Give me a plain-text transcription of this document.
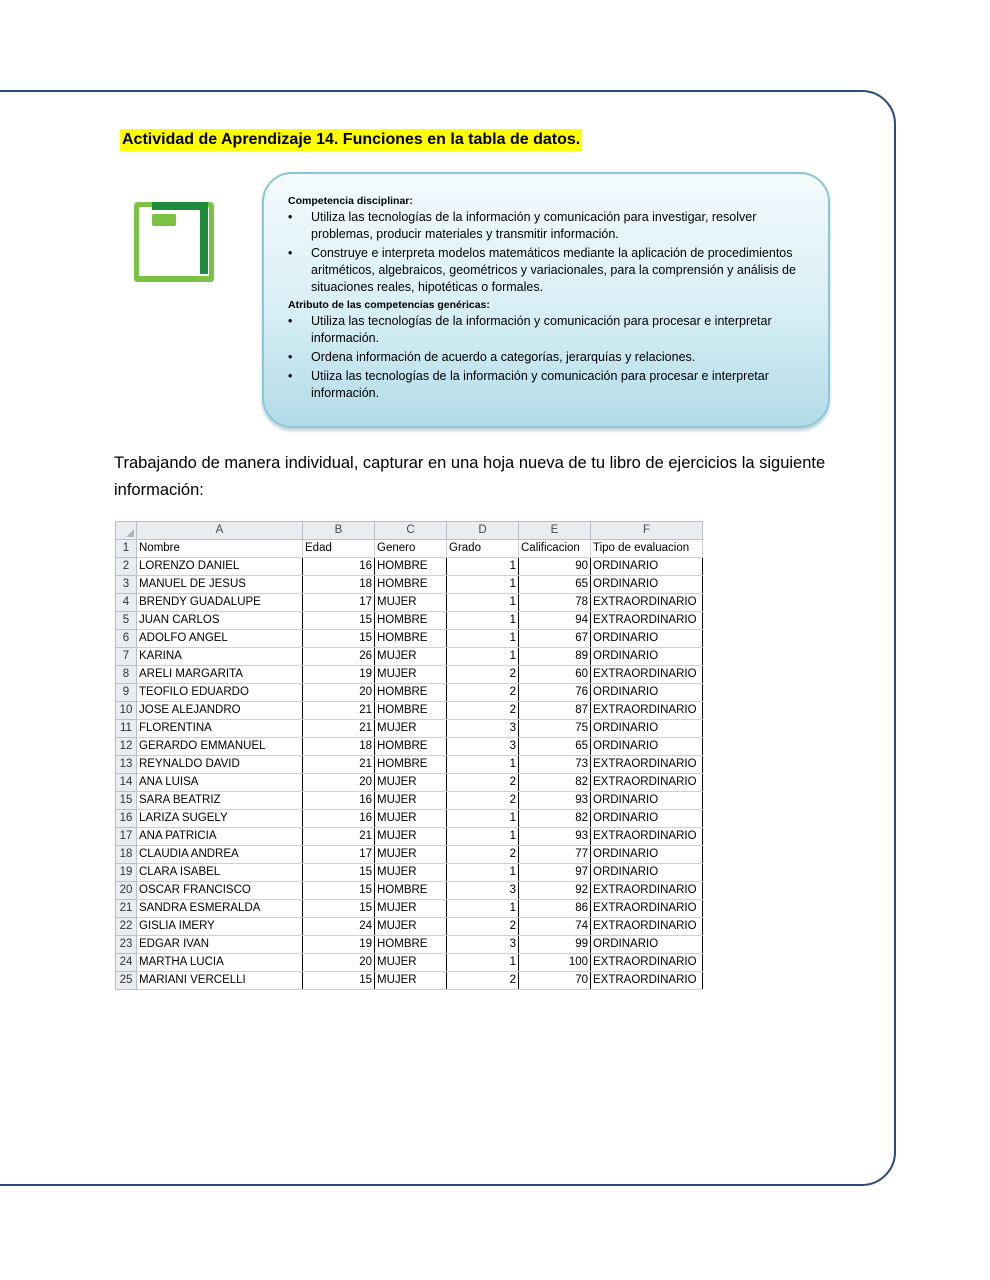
Actividad de Aprendizaje 14. Funciones en la tabla de datos.
Competencia disciplinar:
• Utiliza las tecnologías de la información y comunicación para investigar, resolver problemas, producir materiales y transmitir información.
• Construye e interpreta modelos matemáticos mediante la aplicación de procedimientos aritméticos, algebraicos, geométricos y variacionales, para la comprensión y análisis de situaciones reales, hipotéticas o formales.
Atributo de las competencias genéricas:
• Utiliza las tecnologías de la información y comunicación para procesar e interpretar información.
• Ordena información de acuerdo a categorías, jerarquías y relaciones.
• Utiiza las tecnologías de la información y comunicación para procesar e interpretar información.
Trabajando de manera individual, capturar en una hoja nueva de tu libro de ejercicios la siguiente información:
	A	B	C	D	E	F
1	Nombre	Edad	Genero	Grado	Calificacion	Tipo de evaluacion
2	LORENZO DANIEL	16	HOMBRE	1	90	ORDINARIO
3	MANUEL DE JESUS	18	HOMBRE	1	65	ORDINARIO
4	BRENDY GUADALUPE	17	MUJER	1	78	EXTRAORDINARIO
5	JUAN CARLOS	15	HOMBRE	1	94	EXTRAORDINARIO
6	ADOLFO ANGEL	15	HOMBRE	1	67	ORDINARIO
7	KARINA	26	MUJER	1	89	ORDINARIO
8	ARELI MARGARITA	19	MUJER	2	60	EXTRAORDINARIO
9	TEOFILO EDUARDO	20	HOMBRE	2	76	ORDINARIO
10	JOSE ALEJANDRO	21	HOMBRE	2	87	EXTRAORDINARIO
11	FLORENTINA	21	MUJER	3	75	ORDINARIO
12	GERARDO EMMANUEL	18	HOMBRE	3	65	ORDINARIO
13	REYNALDO DAVID	21	HOMBRE	1	73	EXTRAORDINARIO
14	ANA LUISA	20	MUJER	2	82	EXTRAORDINARIO
15	SARA BEATRIZ	16	MUJER	2	93	ORDINARIO
16	LARIZA SUGELY	16	MUJER	1	82	ORDINARIO
17	ANA PATRICIA	21	MUJER	1	93	EXTRAORDINARIO
18	CLAUDIA ANDREA	17	MUJER	2	77	ORDINARIO
19	CLARA ISABEL	15	MUJER	1	97	ORDINARIO
20	OSCAR FRANCISCO	15	HOMBRE	3	92	EXTRAORDINARIO
21	SANDRA ESMERALDA	15	MUJER	1	86	EXTRAORDINARIO
22	GISLIA IMERY	24	MUJER	2	74	EXTRAORDINARIO
23	EDGAR IVAN	19	HOMBRE	3	99	ORDINARIO
24	MARTHA LUCIA	20	MUJER	1	100	EXTRAORDINARIO
25	MARIANI VERCELLI	15	MUJER	2	70	EXTRAORDINARIO
